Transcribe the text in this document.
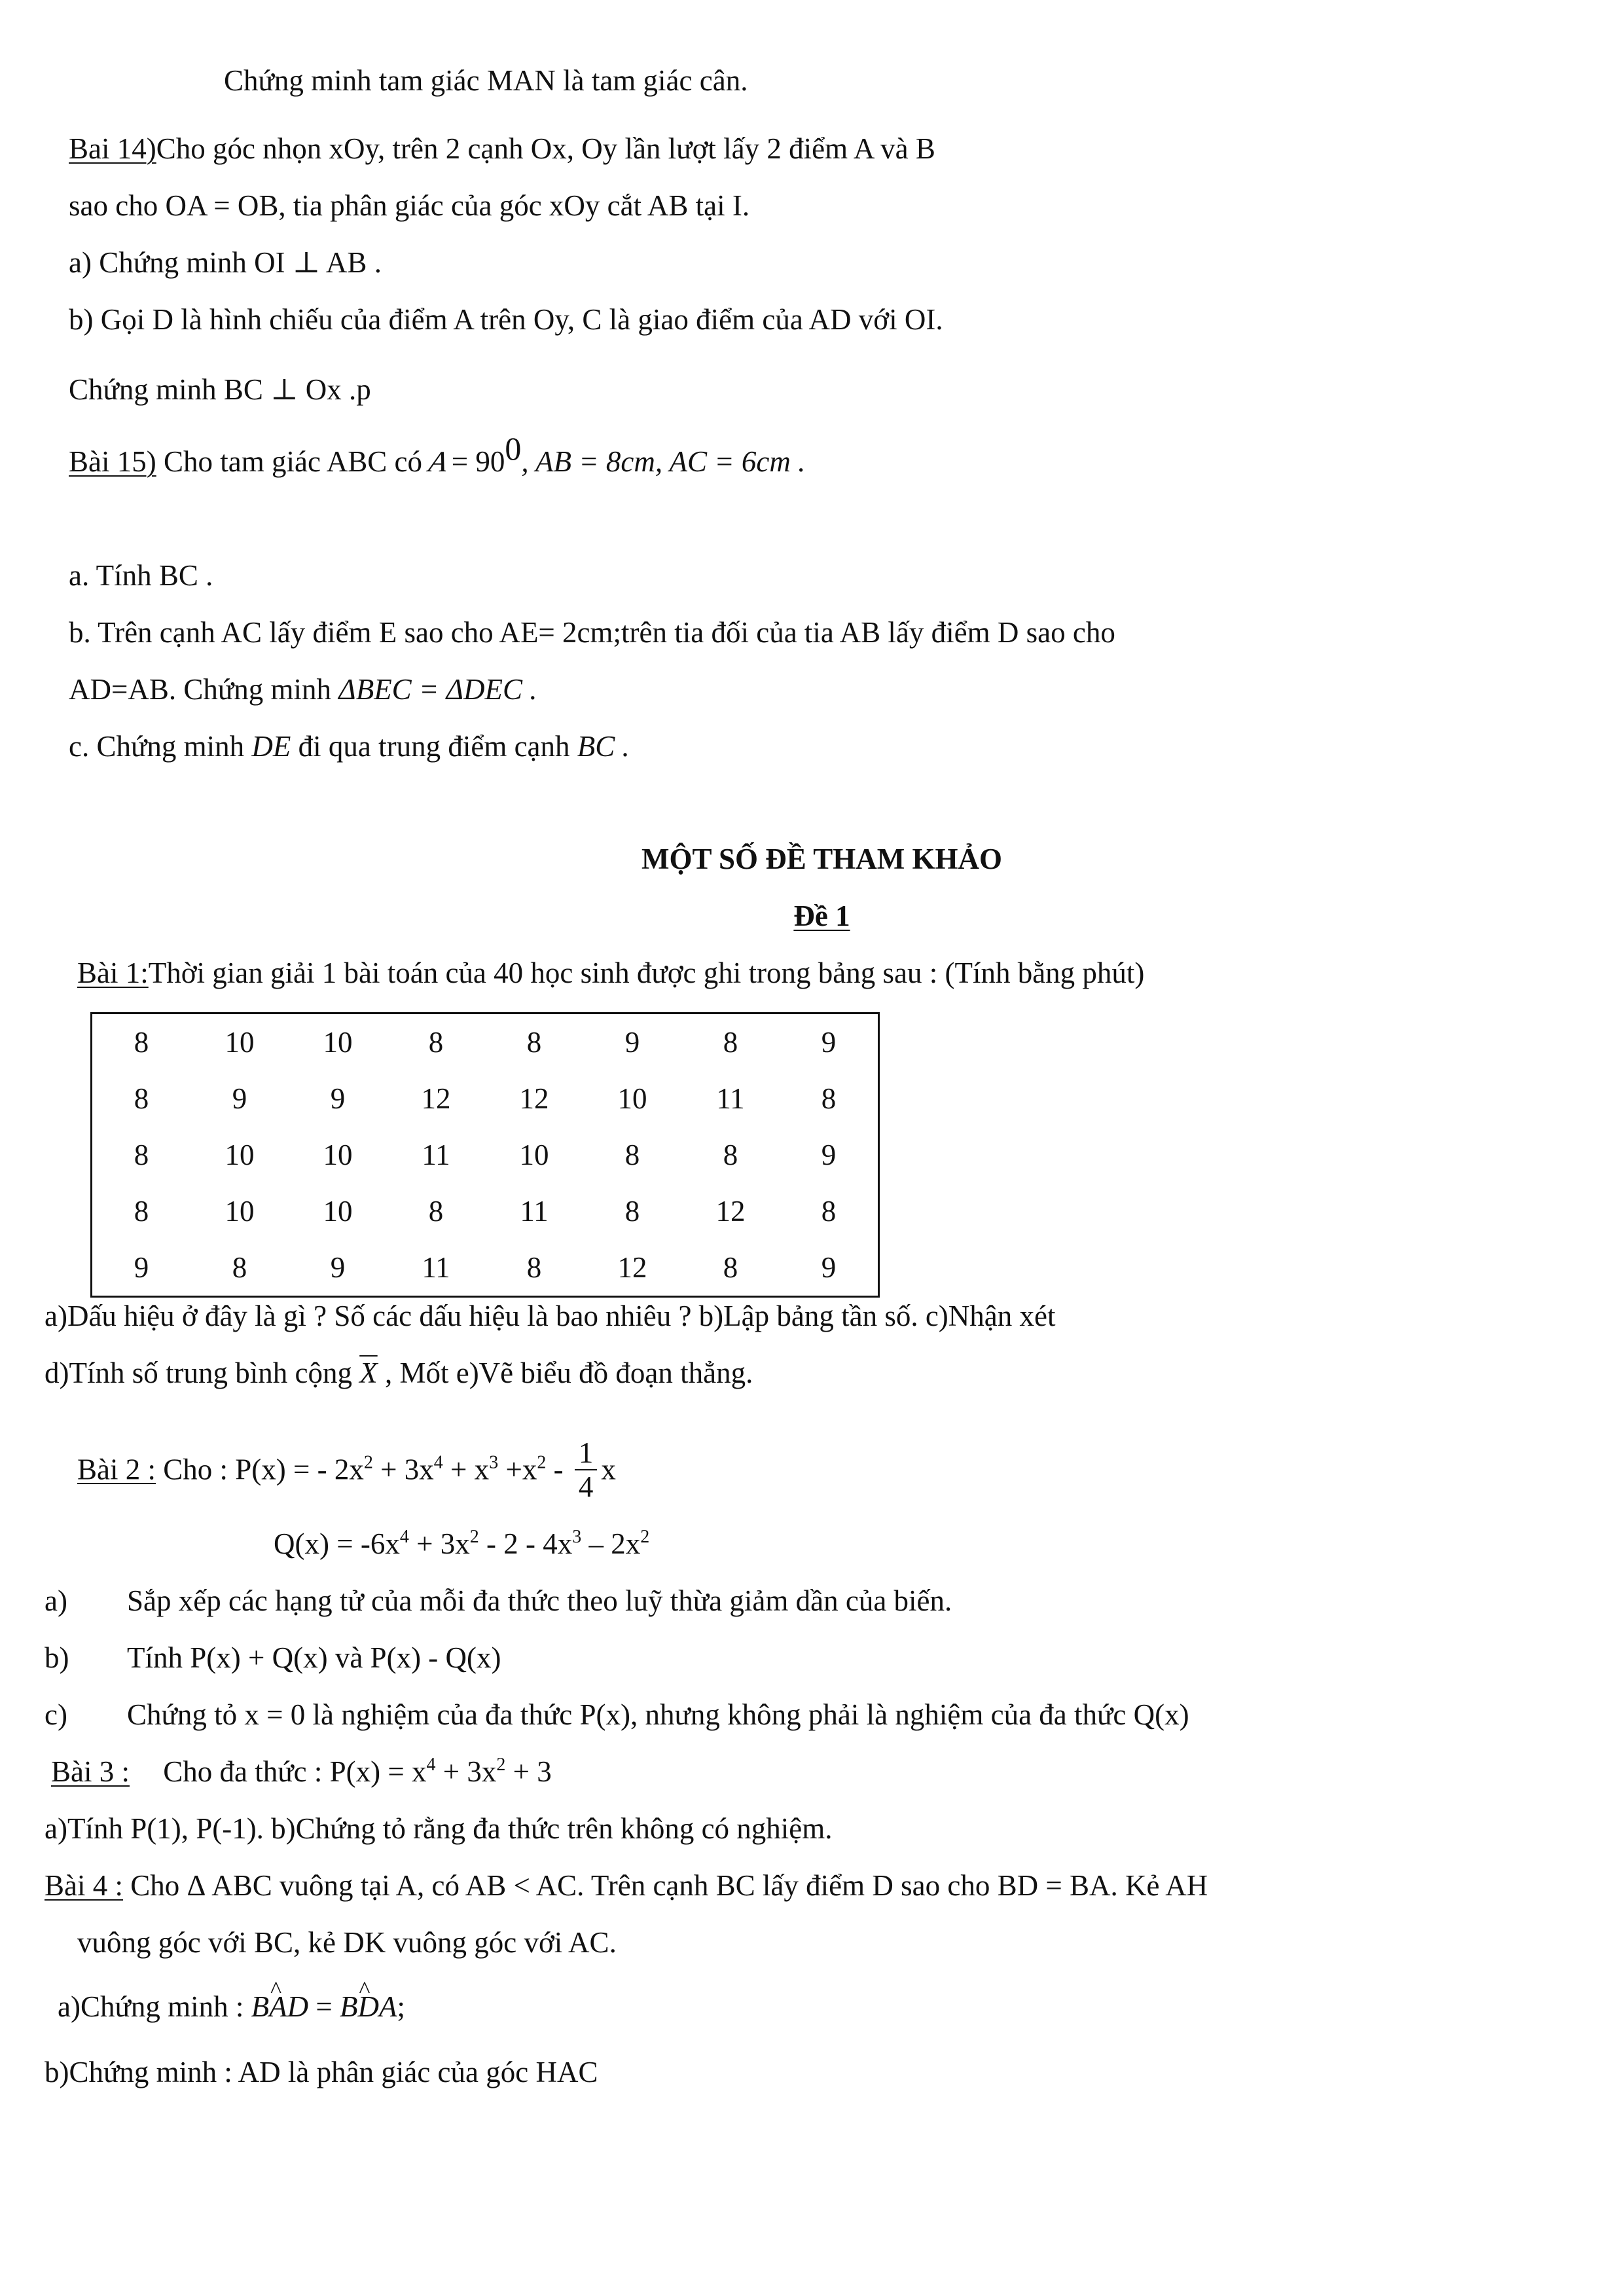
Chứng minh tam giác MAN là tam giác cân.
Bai 14)Cho góc nhọn xOy, trên 2 cạnh Ox, Oy lần lượt lấy 2 điểm A và B
sao cho OA = OB, tia phân giác của góc xOy cắt AB tại I.
a) Chứng minh OI ⊥ AB .
b) Gọi D là hình chiếu của điểm A trên Oy, C là giao điểm của AD với OI.
Chứng minh BC ⊥ Ox .p
Bài 15) Cho tam giác ABC có A= 900, AB = 8cm, AC = 6cm .
a. Tính BC .
b. Trên cạnh AC lấy điểm E sao cho AE= 2cm;trên tia đối của tia AB lấy điểm D sao cho
AD=AB. Chứng minh ΔBEC = ΔDEC .
c. Chứng minh DE đi qua trung điểm cạnh BC .
MỘT SỐ ĐỀ THAM KHẢO
Đề 1
Bài 1:Thời gian giải 1 bài toán của 40 học sinh được ghi trong bảng sau : (Tính bằng phút)
8	10	10	8	8	9	8	9
8	9	9	12	12	10	11	8
8	10	10	11	10	8	8	9
8	10	10	8	11	8	12	8
9	8	9	11	8	12	8	9
a)Dấu hiệu ở đây là gì ? Số các dấu hiệu là bao nhiêu ? b)Lập bảng tần số. c)Nhận xét
d)Tính số trung bình cộng $\overline{X}$ , Mốt e)Vẽ biểu đồ đoạn thẳng.
Bài 2 : Cho : P(x) = - $2x^2 + 3x^4 + x^3 +x^2 - \frac{1}{4}$ x
$Q(x) = -6x^4 + 3x^2 - 2 - 4x^3 - 2x^2$
a) Sắp xếp các hạng tử của mỗi đa thức theo luỹ thừa giảm dần của biến.
b) Tính P(x) + Q(x) và P(x) - Q(x)
c) Chứng tỏ x = 0 là nghiệm của đa thức P(x), nhưng không phải là nghiệm của đa thức Q(x)
Bài 3 : Cho đa thức : $P(x) = x^4 + 3x^2 + 3$
a)Tính P(1), P(-1). b)Chứng tỏ rằng đa thức trên không có nghiệm.
Bài 4 : Cho Δ ABC vuông tại A, có AB < AC. Trên cạnh BC lấy điểm D sao cho BD = BA. Kẻ AH
vuông góc với BC, kẻ DK vuông góc với AC.
a)Chứng minh : B^ AD = B^ DA;
b)Chứng minh : AD là phân giác của góc HAC
